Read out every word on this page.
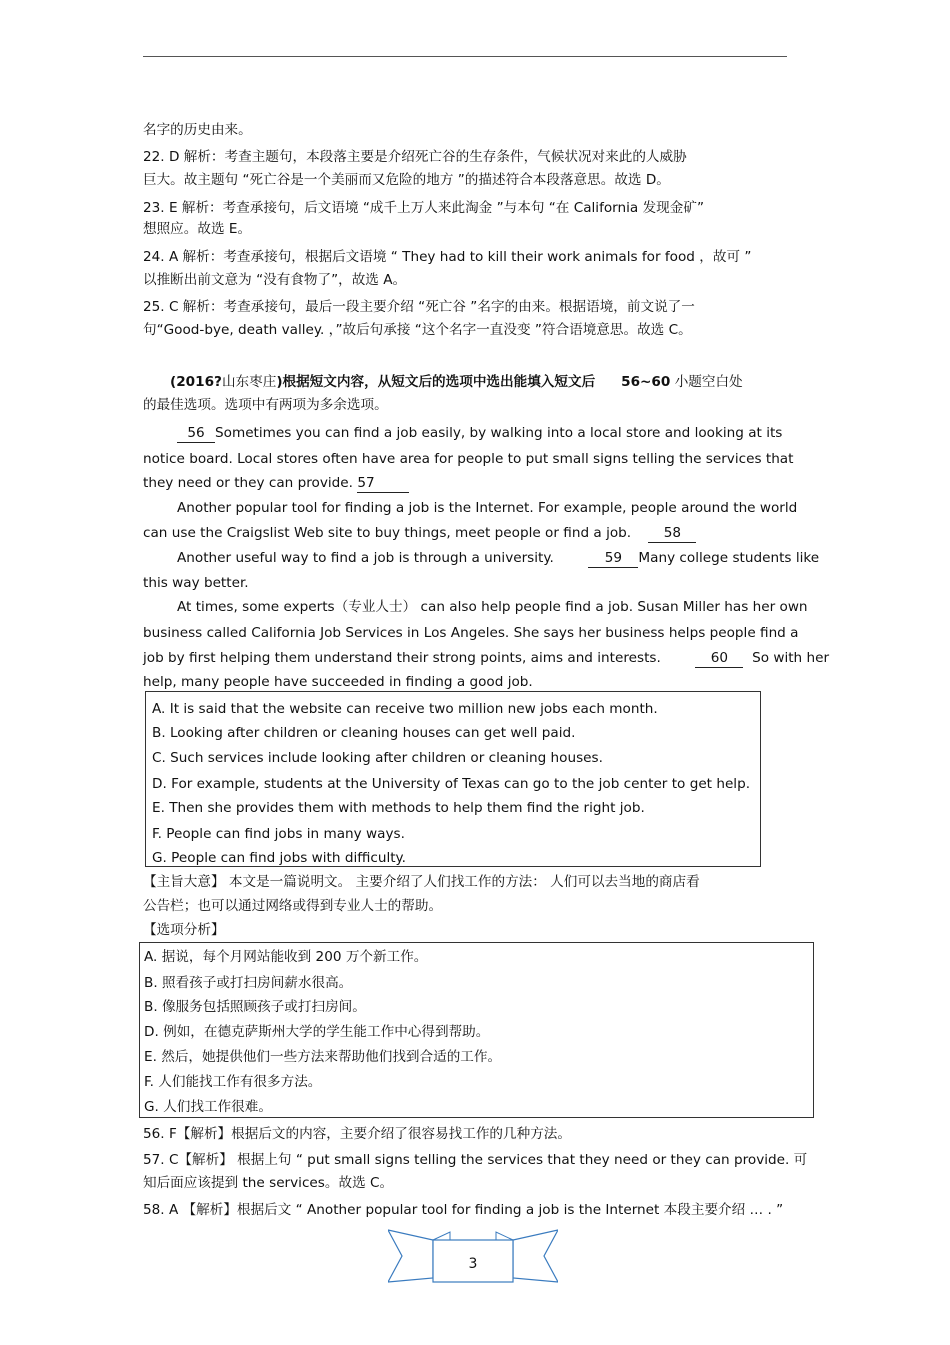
名字的历史由来。
22. D 解析：考查主题句，本段落主要是介绍死亡谷的生存条件，气候状况对来此的人威胁
巨大。故主题句 “死亡谷是一个美丽而又危险的地方 ”的描述符合本段落意思。故选 D。
23. E 解析：考查承接句，后文语境 “成千上万人来此淘金 ”与本句 “在 California 发现金矿”
想照应。故选 E。
24. A 解析：考查承接句，根据后文语境 “ They had to kill their work animals for food ，故可 ”
以推断出前文意为 “没有食物了”，故选 A。
25. C 解析：考查承接句，最后一段主要介绍 “死亡谷 ”名字的由来。根据语境，前文说了一
句“Good-bye, death valley. ，”故后句承接 “这个名字一直没变 ”符合语境意思。故选 C。
(2016?山东枣庄)根据短文内容，从短文后的选项中选出能填入短文后 56~60 小题空白处
的最佳选项。选项中有两项为多余选项。
56 Sometimes you can find a job easily, by walking into a local store and looking at its
notice board. Local stores often have area for people to put small signs telling the services that
they need or they can provide. 57
Another popular tool for finding a job is the Internet. For example, people around the world
can use the Craigslist Web site to buy things, meet people or find a job. 58
Another useful way to find a job is through a university.	59 Many college students like
this way better.
At times, some experts（专业人士） can also help people find a job. Susan Miller has her own
business called California Job Services in Los Angeles. She says her business helps people find a
job by first helping them understand their strong points, aims and interests.	60 So with her
help, many people have succeeded in finding a good job.
A. It is said that the website can receive two million new jobs each month.
B. Looking after children or cleaning houses can get well paid.
C. Such services include looking after children or cleaning houses.
D. For example, students at the University of Texas can go to the job center to get help.
E. Then she provides them with methods to help them find the right job.
F. People can find jobs in many ways.
G. People can find jobs with difficulty.
【主旨大意】 本文是一篇说明文。 主要介绍了人们找工作的方法： 人们可以去当地的商店看
公告栏；也可以通过网络或得到专业人士的帮助。
【选项分析】
A. 据说，每个月网站能收到 200 万个新工作。
B. 照看孩子或打扫房间薪水很高。
B. 像服务包括照顾孩子或打扫房间。
D. 例如，在德克萨斯州大学的学生能工作中心得到帮助。
E. 然后，她提供他们一些方法来帮助他们找到合适的工作。
F. 人们能找工作有很多方法。
G. 人们找工作很难。
56. F【解析】根据后文的内容，主要介绍了很容易找工作的几种方法。
57. C【解析】 根据上句 “ put small signs telling the services that they need or they can provide. 可
知后面应该提到 the services。故选 C。
58. A 【解析】根据后文 “ Another popular tool for finding a job is the Internet 本段主要介绍 … . ”
3
